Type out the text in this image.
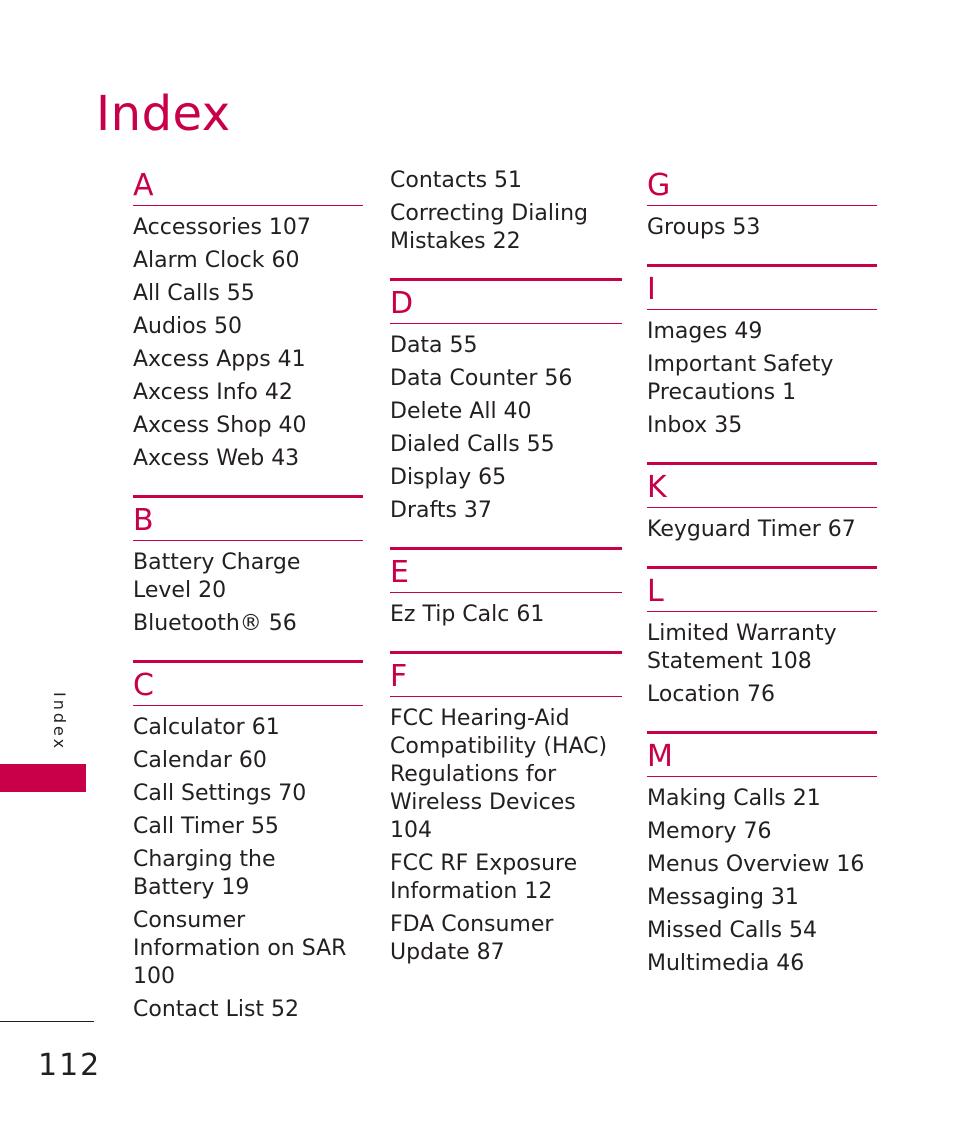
Index
A
Accessories 107
Alarm Clock 60
All Calls 55
Audios 50
Axcess Apps 41
Axcess Info 42
Axcess Shop 40
Axcess Web 43
B
Battery Charge Level 20
Bluetooth® 56
C
Calculator 61
Calendar 60
Call Settings 70
Call Timer 55
Charging the Battery 19
Consumer Information on SAR 100
Contact List 52
Contacts 51
Correcting Dialing Mistakes 22
D
Data 55
Data Counter 56
Delete All 40
Dialed Calls 55
Display 65
Drafts 37
E
Ez Tip Calc 61
F
FCC Hearing-Aid Compatibility (HAC) Regulations for Wireless Devices 104
FCC RF Exposure Information 12
FDA Consumer Update 87
G
Groups 53
I
Images 49
Important Safety Precautions 1
Inbox 35
K
Keyguard Timer 67
L
Limited Warranty Statement 108
Location 76
M
Making Calls 21
Memory 76
Menus Overview 16
Messaging 31
Missed Calls 54
Multimedia 46
Index
112
